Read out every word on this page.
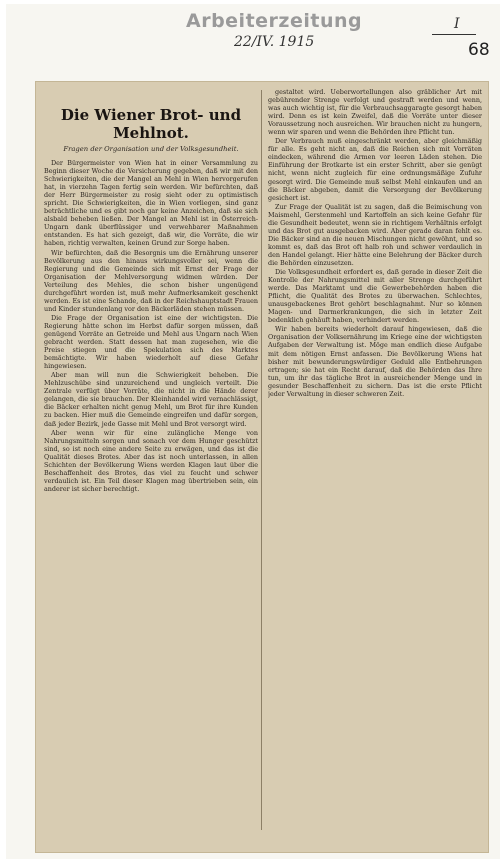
Arbeiterzeitung
22/IV. 1915
I
68
Die Wiener Brot- und Mehlnot.
Fragen der Organisation und der Volksgesundheit.

Der Bürgermeister von Wien hat in einer Versammlung zu Beginn dieser Woche die Versicherung gegeben, daß wir mit den Schwierigkeiten, die der Mangel an Mehl in Wien hervorgerufen hat, in vierzehn Tagen fertig sein werden. Wir befürchten, daß der Herr Bürgermeister zu rosig sieht oder zu optimistisch spricht. Die Schwierigkeiten, die in Wien vorliegen, sind ganz beträchtliche und es gibt noch gar keine Anzeichen, daß sie sich alsbald beheben ließen. Der Mangel an Mehl ist in Österreich-Ungarn dank überflüssiger und verwehbarer Maßnahmen entstanden. Es hat sich gezeigt, daß wir, die Vorräte, die wir haben, richtig verwalten, keinen Grund zur Sorge haben.

Wir befürchten, daß die Besorgnis um die Ernährung unserer Bevölkerung aus den hinaus wirkungsvoller sei, wenn die Regierung und die Gemeinde sich mit Ernst der Frage der Organisation der Mehlversorgung widmen würden. Der Verteilung des Mehles, die schon bisher ungenügend durchgeführt worden ist, muß mehr Aufmerksamkeit geschenkt werden. Es ist eine Schande, daß in der Reichshauptstadt Frauen und Kinder stundenlang vor den Bäckerläden stehen müssen.

Die Frage der Organisation ist eine der wichtigsten. Die Regierung hätte schon im Herbst dafür sorgen müssen, daß genügend Vorräte an Getreide und Mehl aus Ungarn nach Wien gebracht werden. Statt dessen hat man zugesehen, wie die Preise stiegen und die Spekulation sich des Marktes bemächtigte. Wir haben wiederholt auf diese Gefahr hingewiesen.

Aber man will nun die Schwierigkeit beheben. Die Mehlzuschübe sind unzureichend und ungleich verteilt. Die Zentrale verfügt über Vorräte, die nicht in die Hände derer gelangen, die sie brauchen. Der Kleinhandel wird vernachlässigt, die Bäcker erhalten nicht genug Mehl, um Brot für ihre Kunden zu backen. Hier muß die Gemeinde eingreifen und dafür sorgen, daß jeder Bezirk, jede Gasse mit Mehl und Brot versorgt wird.

Aber wenn wir für eine zulängliche Menge von Nahrungsmitteln sorgen und sonach vor dem Hunger geschützt sind, so ist noch eine andere Seite zu erwägen, und das ist die Qualität dieses Brotes. Aber das ist noch unterlassen, in allen Schichten der Bevölkerung Wiens werden Klagen laut über die Beschaffenheit des Brotes, das viel zu feucht und schwer verdaulich ist. Ein Teil dieser Klagen mag übertrieben sein, ein anderer ist sicher berechtigt.

gestaltet wird. Ueberwortellungen also gräblicher Art mit gebührender Strenge verfolgt und gestraft werden und wenn, was auch wichtig ist, für die Verbrauchsaggaragte gesorgt haben wird. Denn es ist kein Zweifel, daß die Vorräte unter dieser Voraussetzung noch ausreichen. Wir brauchen nicht zu hungern, wenn wir sparen und wenn die Behörden ihre Pflicht tun.

Der Verbrauch muß eingeschränkt werden, aber gleichmäßig für alle. Es geht nicht an, daß die Reichen sich mit Vorräten eindecken, während die Armen vor leeren Läden stehen. Die Einführung der Brotkarte ist ein erster Schritt, aber sie genügt nicht, wenn nicht zugleich für eine ordnungsmäßige Zufuhr gesorgt wird. Die Gemeinde muß selbst Mehl einkaufen und an die Bäcker abgeben, damit die Versorgung der Bevölkerung gesichert ist.

Zur Frage der Qualität ist zu sagen, daß die Beimischung von Maismehl, Gerstenmehl und Kartoffeln an sich keine Gefahr für die Gesundheit bedeutet, wenn sie in richtigem Verhältnis erfolgt und das Brot gut ausgebacken wird. Aber gerade daran fehlt es. Die Bäcker sind an die neuen Mischungen nicht gewöhnt, und so kommt es, daß das Brot oft halb roh und schwer verdaulich in den Handel gelangt. Hier hätte eine Belehrung der Bäcker durch die Behörden einzusetzen.

Die Volksgesundheit erfordert es, daß gerade in dieser Zeit die Kontrolle der Nahrungsmittel mit aller Strenge durchgeführt werde. Das Marktamt und die Gewerbebehörden haben die Pflicht, die Qualität des Brotes zu überwachen. Schlechtes, unausgebackenes Brot gehört beschlagnahmt. Nur so können Magen- und Darmerkrankungen, die sich in letzter Zeit bedenklich gehäuft haben, verhindert werden.

Wir haben bereits wiederholt darauf hingewiesen, daß die Organisation der Volksernährung im Kriege eine der wichtigsten Aufgaben der Verwaltung ist. Möge man endlich diese Aufgabe mit dem nötigen Ernst anfassen. Die Bevölkerung Wiens hat bisher mit bewunderungswürdiger Geduld alle Entbehrungen ertragen; sie hat ein Recht darauf, daß die Behörden das Ihre tun, um ihr das tägliche Brot in ausreichender Menge und in gesunder Beschaffenheit zu sichern. Das ist die erste Pflicht jeder Verwaltung in dieser schweren Zeit.
